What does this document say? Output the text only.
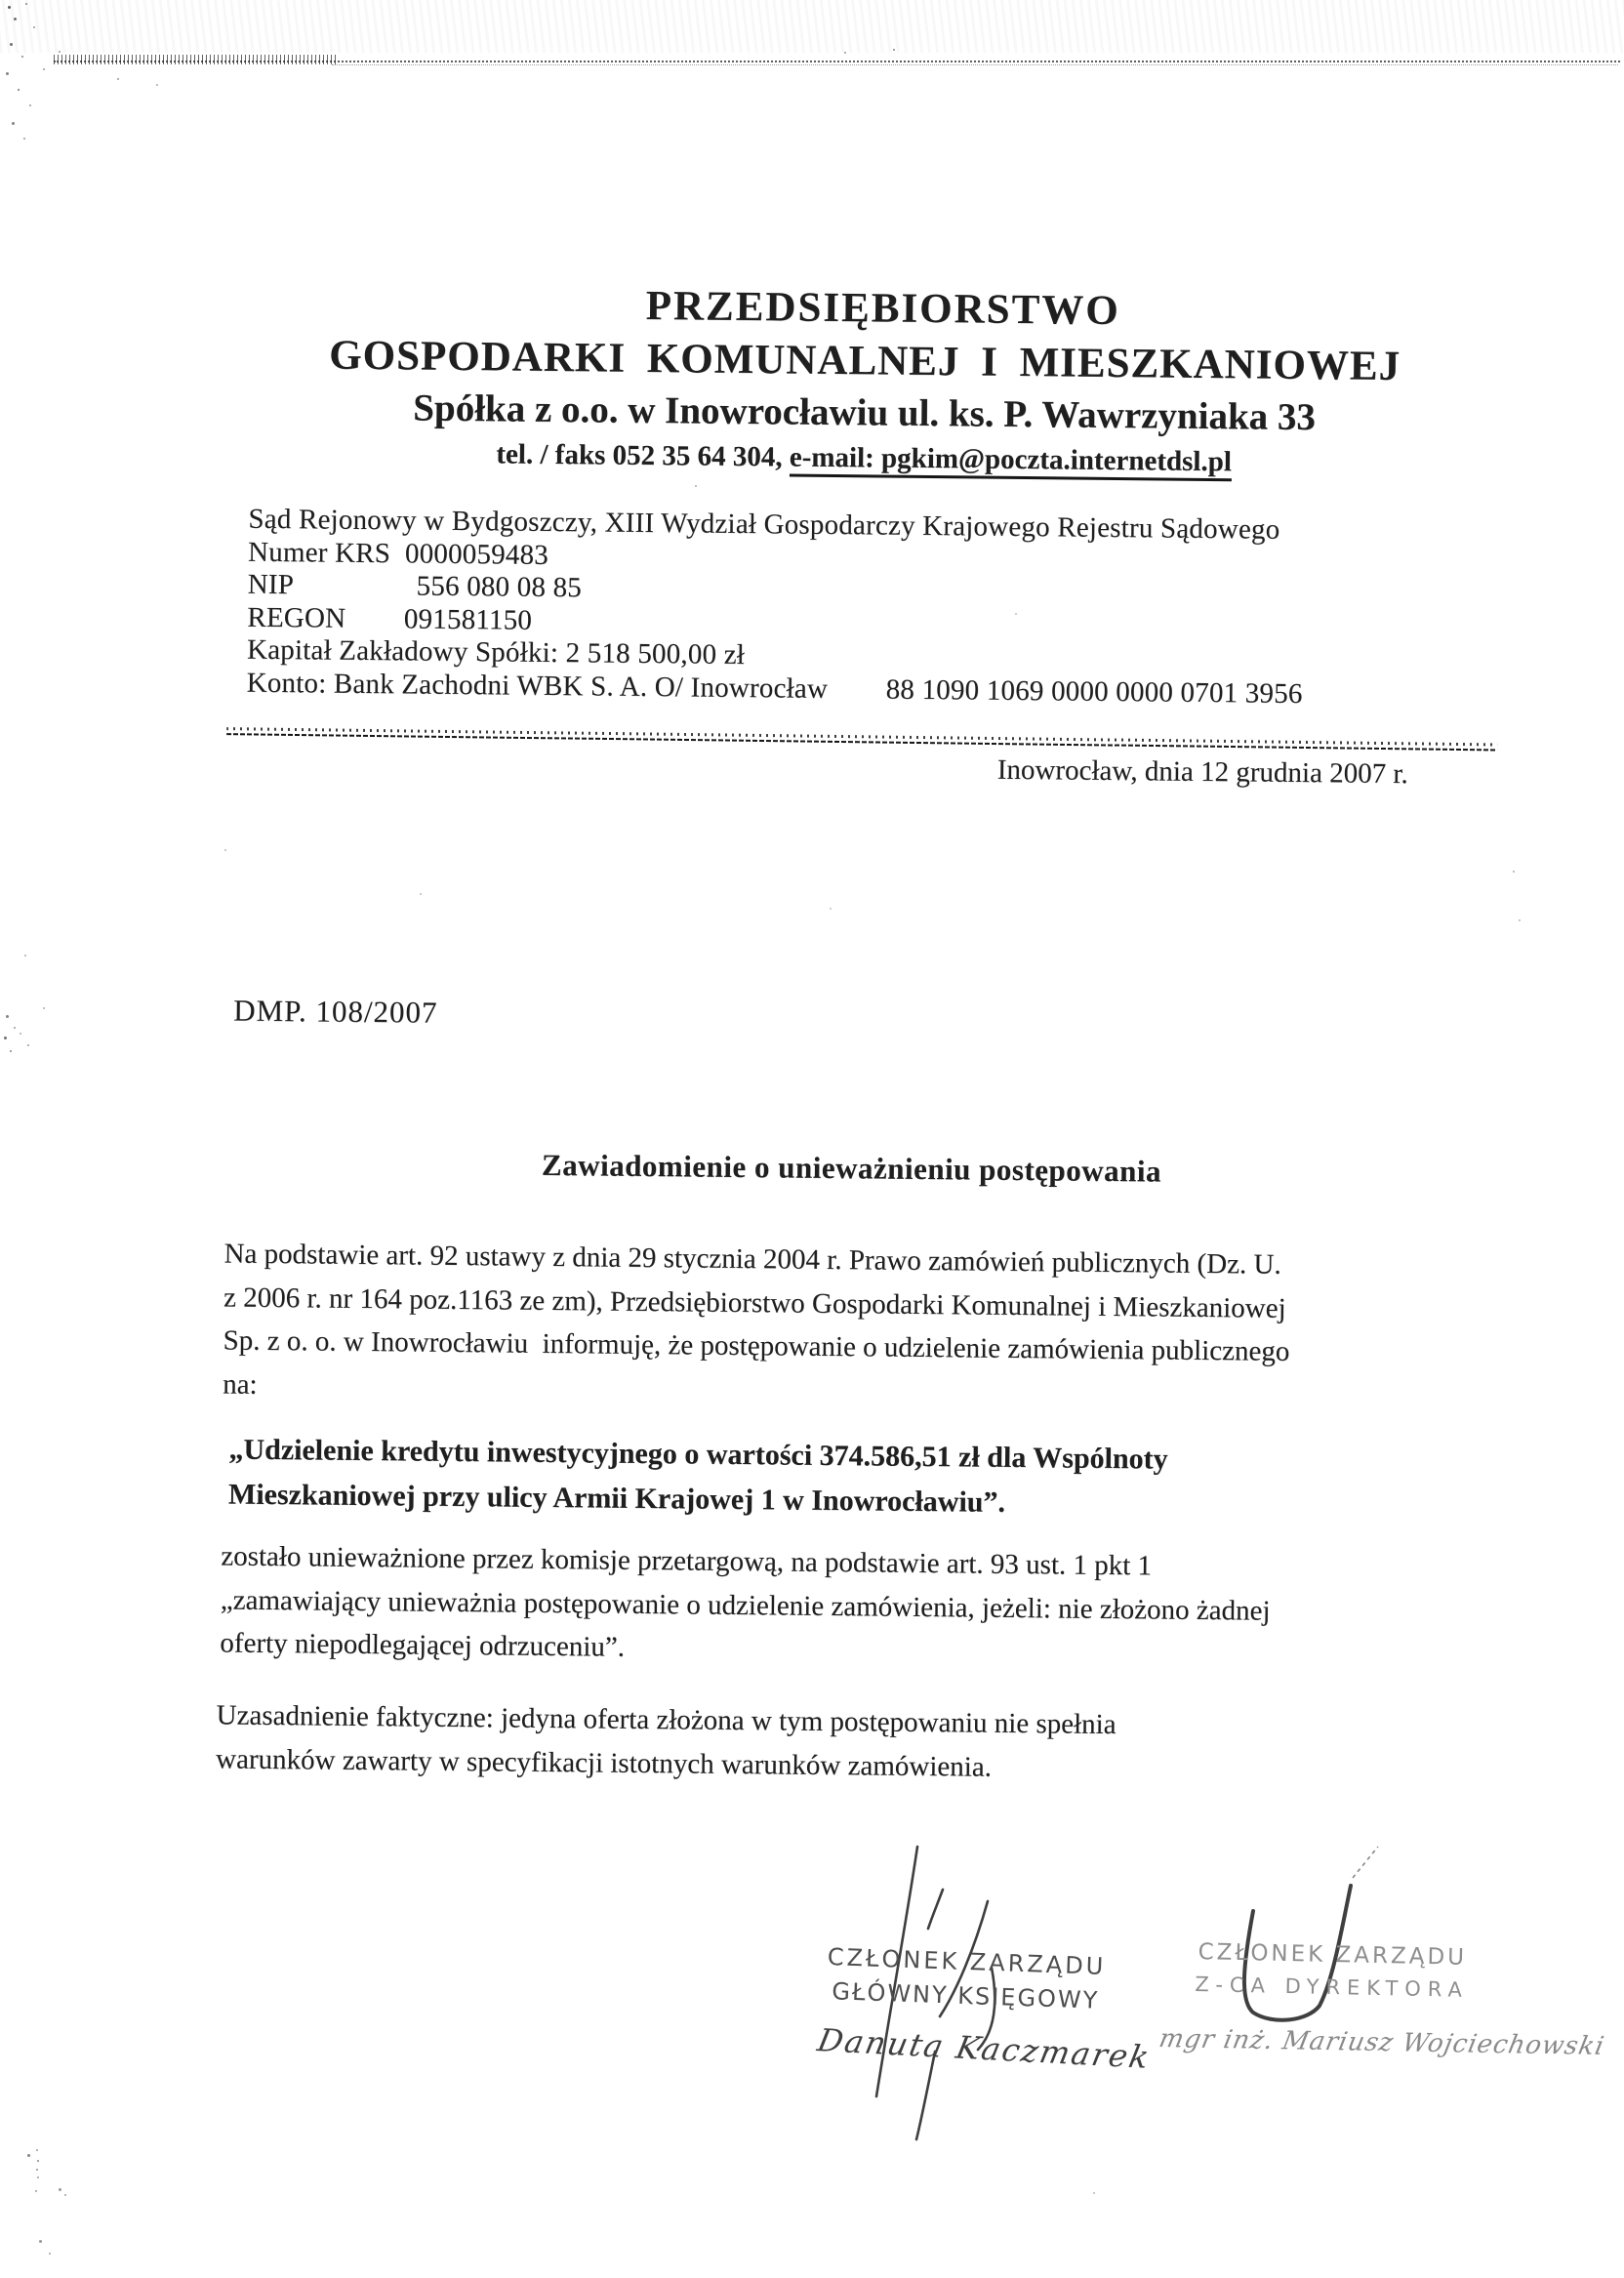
PRZEDSIĘBIORSTWO
GOSPODARKI KOMUNALNEJ I MIESZKANIOWEJ
Spółka z o.o. w Inowrocławiu ul. ks. P. Wawrzyniaka 33
tel. / faks 052 35 64 304, e-mail: pgkim@poczta.internetdsl.pl
Sąd Rejonowy w Bydgoszczy, XIII Wydział Gospodarczy Krajowego Rejestru Sądowego
Numer KRS  0000059483
NIP                 556 080 08 85
REGON        091581150
Kapitał Zakładowy Spółki: 2 518 500,00 zł
Konto: Bank Zachodni WBK S. A. O/ Inowrocław        88 1090 1069 0000 0000 0701 3956
Inowrocław, dnia 12 grudnia 2007 r.
DMP. 108/2007
Zawiadomienie o unieważnieniu postępowania
Na podstawie art. 92 ustawy z dnia 29 stycznia 2004 r. Prawo zamówień publicznych (Dz. U.
z 2006 r. nr 164 poz.1163 ze zm), Przedsiębiorstwo Gospodarki Komunalnej i Mieszkaniowej
Sp. z o. o. w Inowrocławiu  informuję, że postępowanie o udzielenie zamówienia publicznego
na:
„Udzielenie kredytu inwestycyjnego o wartości 374.586,51 zł dla Wspólnoty
Mieszkaniowej przy ulicy Armii Krajowej 1 w Inowrocławiu”.
zostało unieważnione przez komisje przetargową, na podstawie art. 93 ust. 1 pkt 1
„zamawiający unieważnia postępowanie o udzielenie zamówienia, jeżeli: nie złożono żadnej
oferty niepodlegającej odrzuceniu”.
Uzasadnienie faktyczne: jedyna oferta złożona w tym postępowaniu nie spełnia
warunków zawarty w specyfikacji istotnych warunków zamówienia.
CZŁONEK ZARZĄDU
GŁÓWNY KSIĘGOWY
Danuta Kaczmarek
CZŁONEK ZARZĄDU
Z-CA DYREKTORA
mgr inż. Mariusz Wojciechowski
